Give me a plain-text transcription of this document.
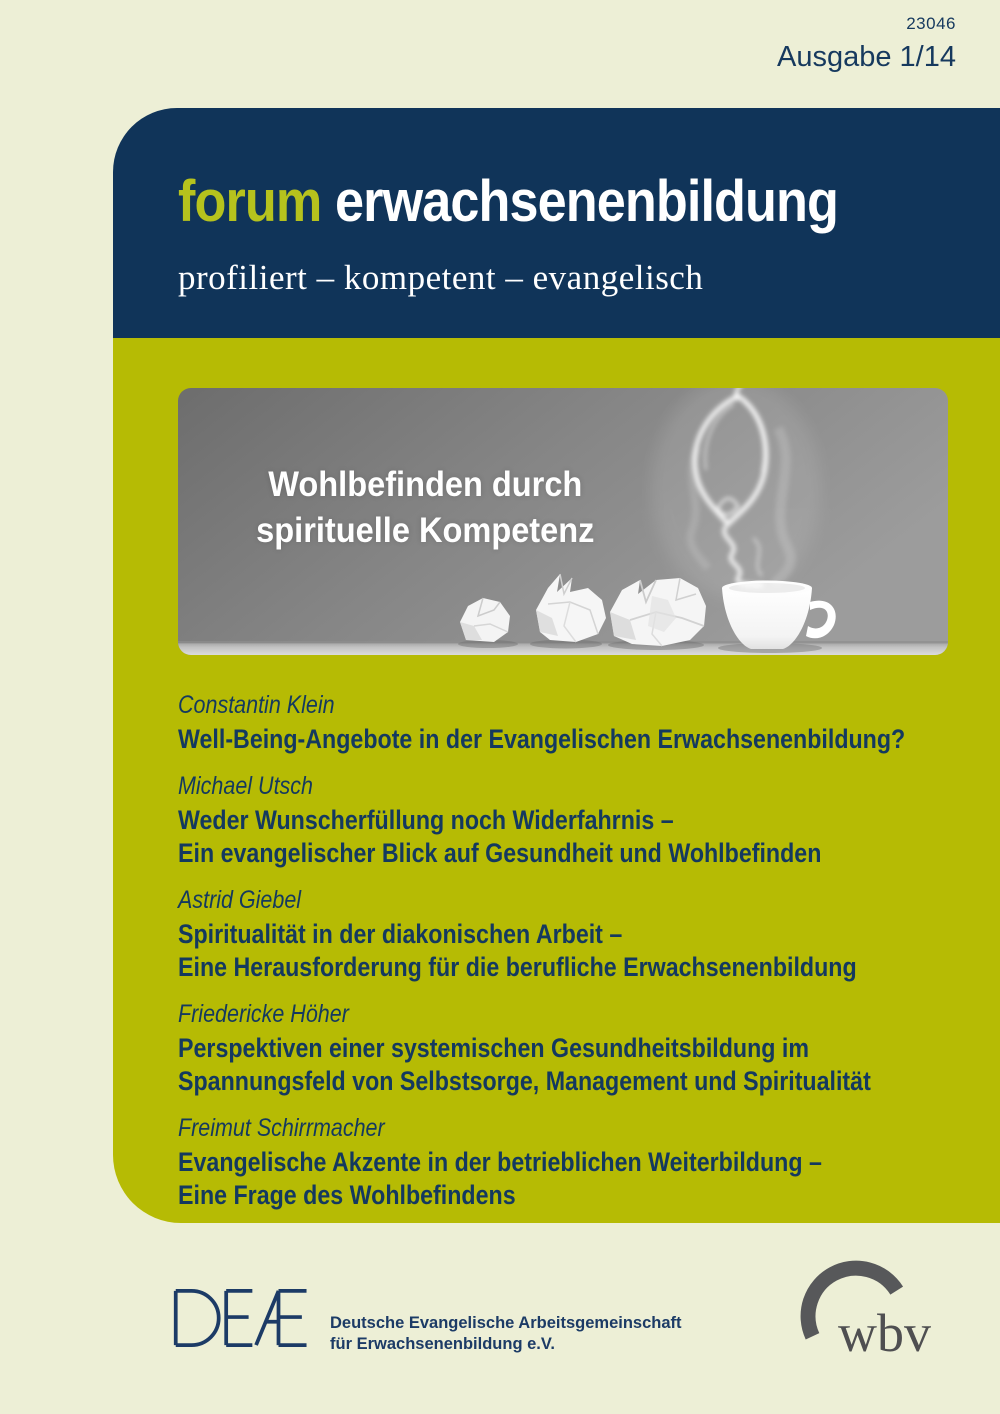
23046
Ausgabe 1/14
forum erwachsenenbildung
profiliert – kompetent – evangelisch
Wohlbefinden durch
spirituelle Kompetenz
Constantin Klein
Well-Being-Angebote in der Evangelischen Erwachsenenbildung?
Michael Utsch
Weder Wunscherfüllung noch Widerfahrnis –
Ein evangelischer Blick auf Gesundheit und Wohlbefinden
Astrid Giebel
Spiritualität in der diakonischen Arbeit –
Eine Herausforderung für die berufliche Erwachsenenbildung
Friedericke Höher
Perspektiven einer systemischen Gesundheitsbildung im
Spannungsfeld von Selbstsorge, Management und Spiritualität
Freimut Schirrmacher
Evangelische Akzente in der betrieblichen Weiterbildung –
Eine Frage des Wohlbefindens
Deutsche Evangelische Arbeitsgemeinschaft
für Erwachsenenbildung e.V.	wbv
